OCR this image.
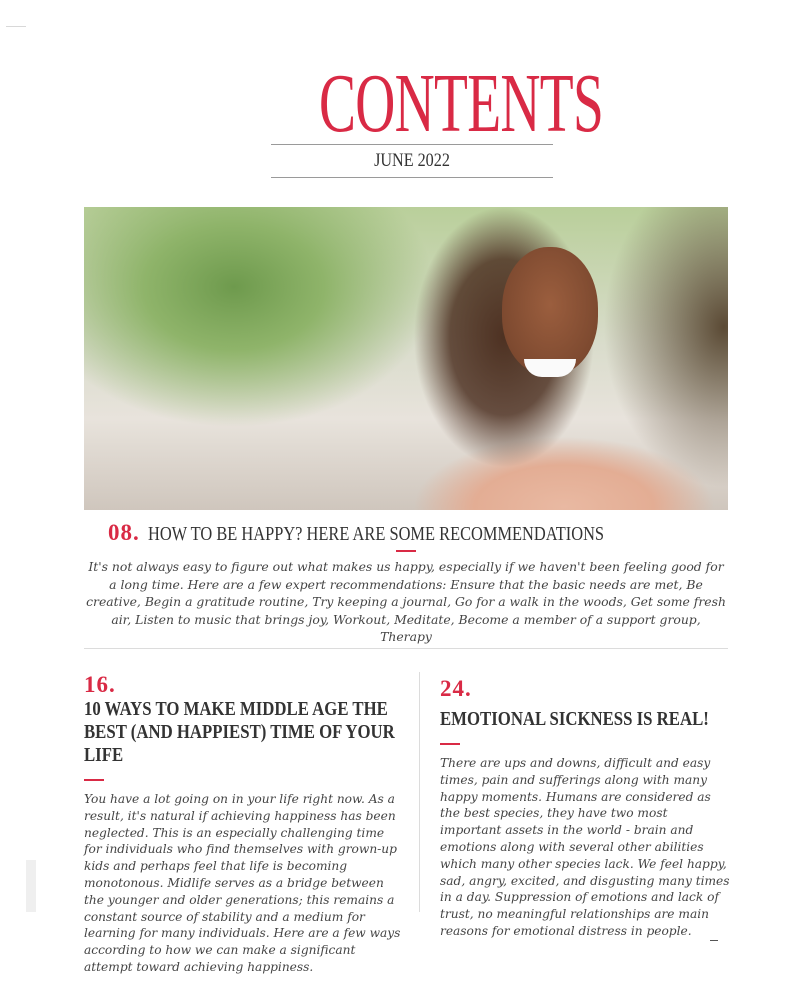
CONTENTS
JUNE 2022
08. HOW TO BE HAPPY? HERE ARE SOME RECOMMENDATIONS

It's not always easy to figure out what makes us happy, especially if we haven't been feeling good for a long time. Here are a few expert recommendations: Ensure that the basic needs are met, Be creative, Begin a gratitude routine, Try keeping a journal, Go for a walk in the woods, Get some fresh air, Listen to music that brings joy, Workout, Meditate, Become a member of a support group, Therapy

16.
10 WAYS TO MAKE MIDDLE AGE THE BEST (AND HAPPIEST) TIME OF YOUR LIFE

You have a lot going on in your life right now. As a result, it's natural if achieving happiness has been neglected. This is an especially challenging time for individuals who find themselves with grown-up kids and perhaps feel that life is becoming monotonous. Midlife serves as a bridge between the younger and older generations; this remains a constant source of stability and a medium for learning for many individuals. Here are a few ways according to how we can make a significant attempt toward achieving happiness.

24.
EMOTIONAL SICKNESS IS REAL!

There are ups and downs, difficult and easy times, pain and sufferings along with many happy moments. Humans are considered as the best species, they have two most important assets in the world - brain and emotions along with several other abilities which many other species lack. We feel happy, sad, angry, excited, and disgusting many times in a day. Suppression of emotions and lack of trust, no meaningful relationships are main reasons for emotional distress in people.
